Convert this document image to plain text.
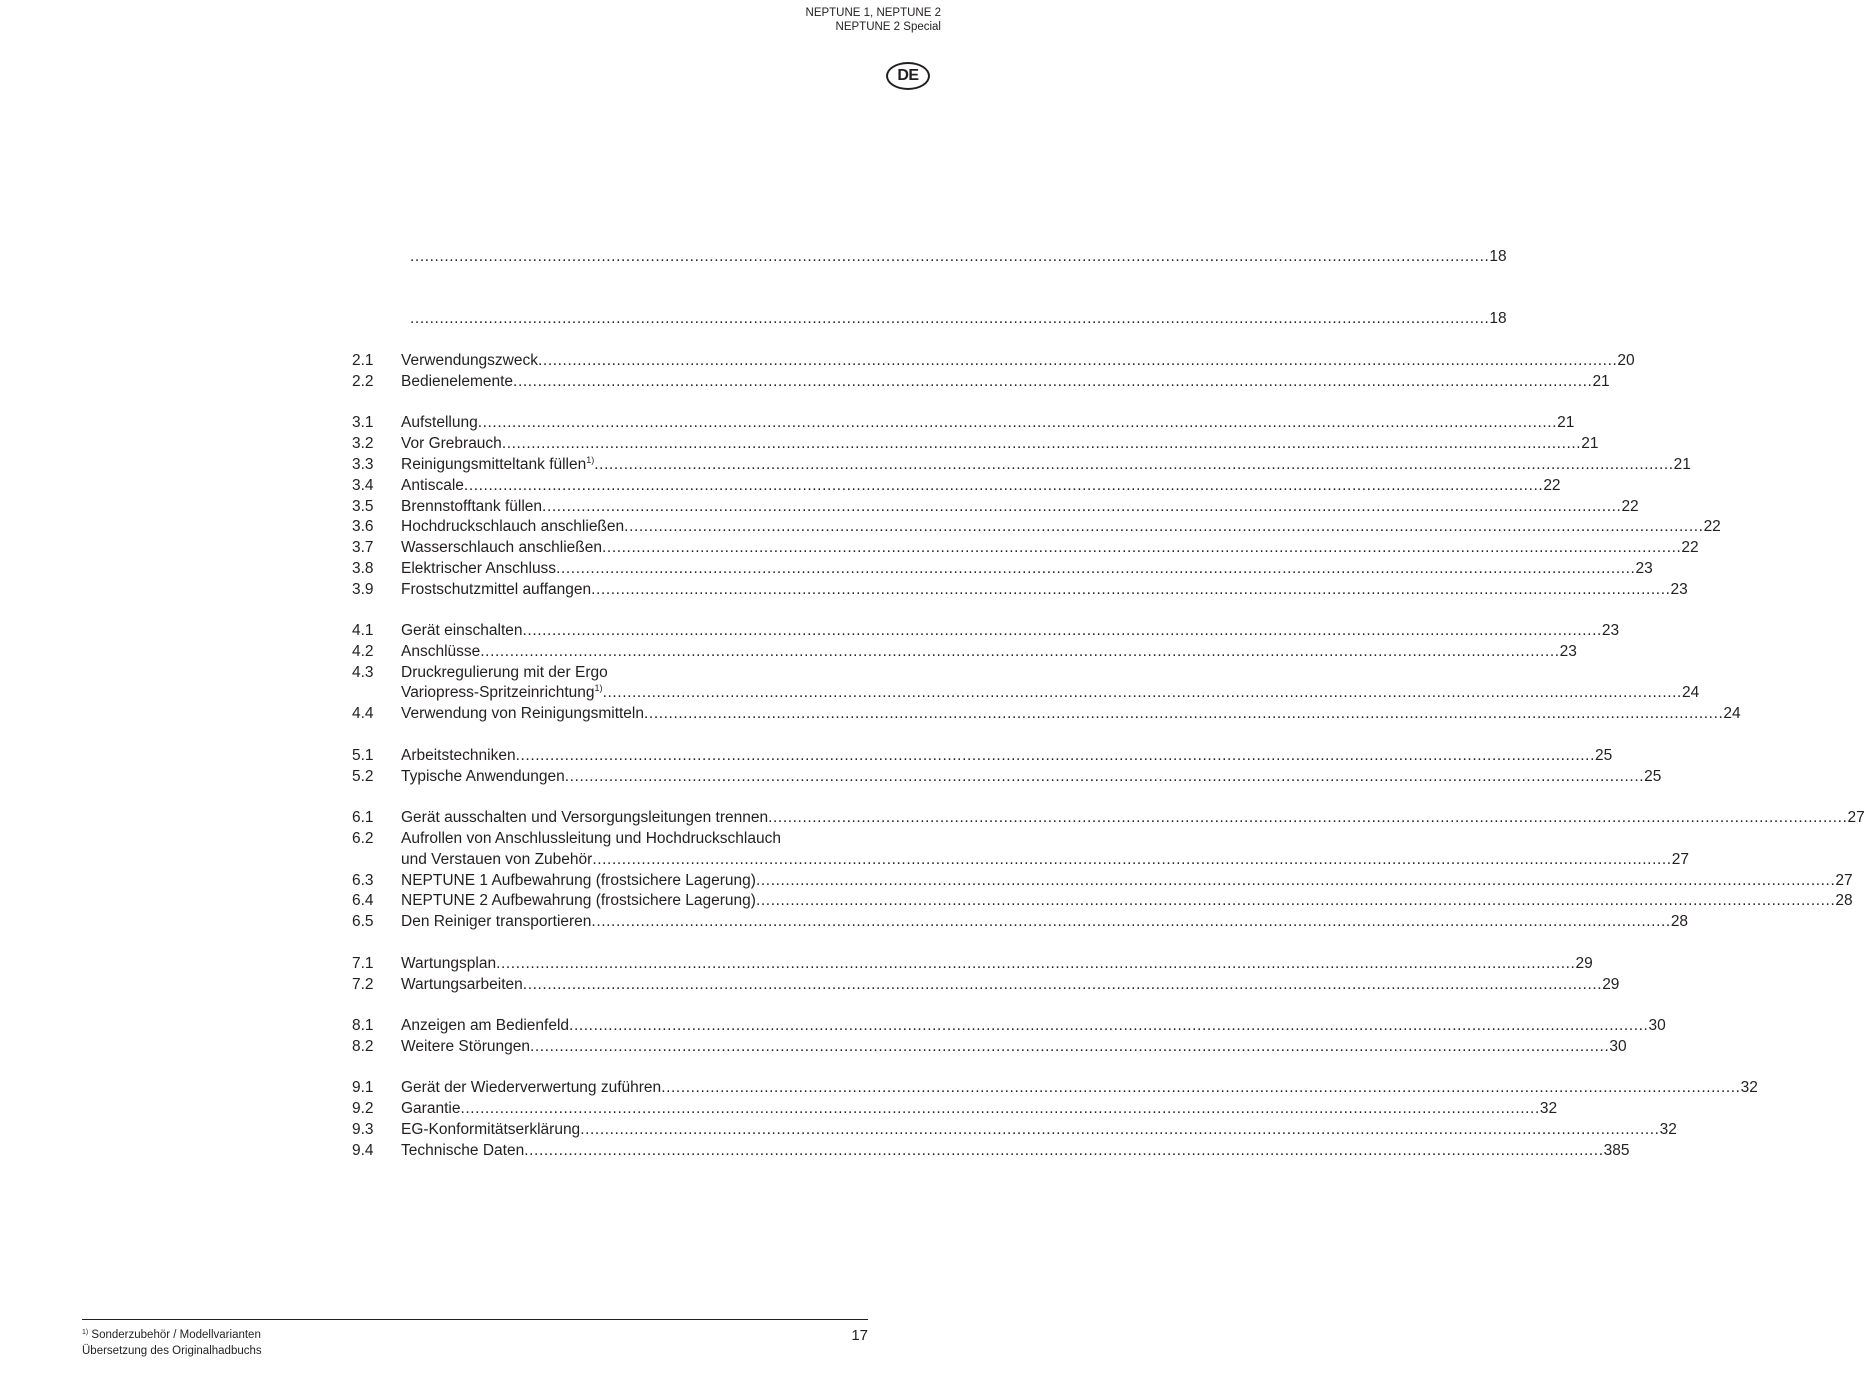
NEPTUNE 1, NEPTUNE 2
NEPTUNE 2 Special
DE
............................................................................................................................................................................................................................ 18
............................................................................................................................................................................................................................ 18
2.1 Verwendungszweck ............................................................................................................................................................................................................................ 20
2.2 Bedienelemente ............................................................................................................................................................................................................................ 21
3.1 Aufstellung ............................................................................................................................................................................................................................ 21
3.2 Vor Grebrauch ............................................................................................................................................................................................................................ 21
3.3 Reinigungsmitteltank füllen$^{1)}$ ............................................................................................................................................................................................................................ 21
3.4 Antiscale ............................................................................................................................................................................................................................ 22
3.5 Brennstofftank füllen ............................................................................................................................................................................................................................ 22
3.6 Hochdruckschlauch anschließen ............................................................................................................................................................................................................................ 22
3.7 Wasserschlauch anschließen ............................................................................................................................................................................................................................ 22
3.8 Elektrischer Anschluss ............................................................................................................................................................................................................................ 23
3.9 Frostschutzmittel auffangen ............................................................................................................................................................................................................................ 23
4.1 Gerät einschalten ............................................................................................................................................................................................................................ 23
4.2 Anschlüsse ............................................................................................................................................................................................................................ 23
4.3 Druckregulierung mit der Ergo
Variopress-Spritzeinrichtung$^{1)}$ ............................................................................................................................................................................................................................ 24
4.4 Verwendung von Reinigungsmitteln ............................................................................................................................................................................................................................ 24
5.1 Arbeitstechniken ............................................................................................................................................................................................................................ 25
5.2 Typische Anwendungen ............................................................................................................................................................................................................................ 25
6.1 Gerät ausschalten und Versorgungsleitungen trennen ............................................................................................................................................................................................................................ 27
6.2 Aufrollen von Anschlussleitung und Hochdruckschlauch
und Verstauen von Zubehör ............................................................................................................................................................................................................................ 27
6.3 NEPTUNE 1 Aufbewahrung (frostsichere Lagerung) ............................................................................................................................................................................................................................ 27
6.4 NEPTUNE 2 Aufbewahrung (frostsichere Lagerung) ............................................................................................................................................................................................................................ 28
6.5 Den Reiniger transportieren ............................................................................................................................................................................................................................ 28
7.1 Wartungsplan ............................................................................................................................................................................................................................ 29
7.2 Wartungsarbeiten ............................................................................................................................................................................................................................ 29
8.1 Anzeigen am Bedienfeld ............................................................................................................................................................................................................................ 30
8.2 Weitere Störungen ............................................................................................................................................................................................................................ 30
9.1 Gerät der Wiederverwertung zuführen ............................................................................................................................................................................................................................ 32
9.2 Garantie ............................................................................................................................................................................................................................ 32
9.3 EG-Konformitätserklärung ............................................................................................................................................................................................................................ 32
9.4 Technische Daten ............................................................................................................................................................................................................................ 385
$^{1)}$ Sonderzubehör / Modellvarianten
Übersetzung des Originalhadbuchs
17
